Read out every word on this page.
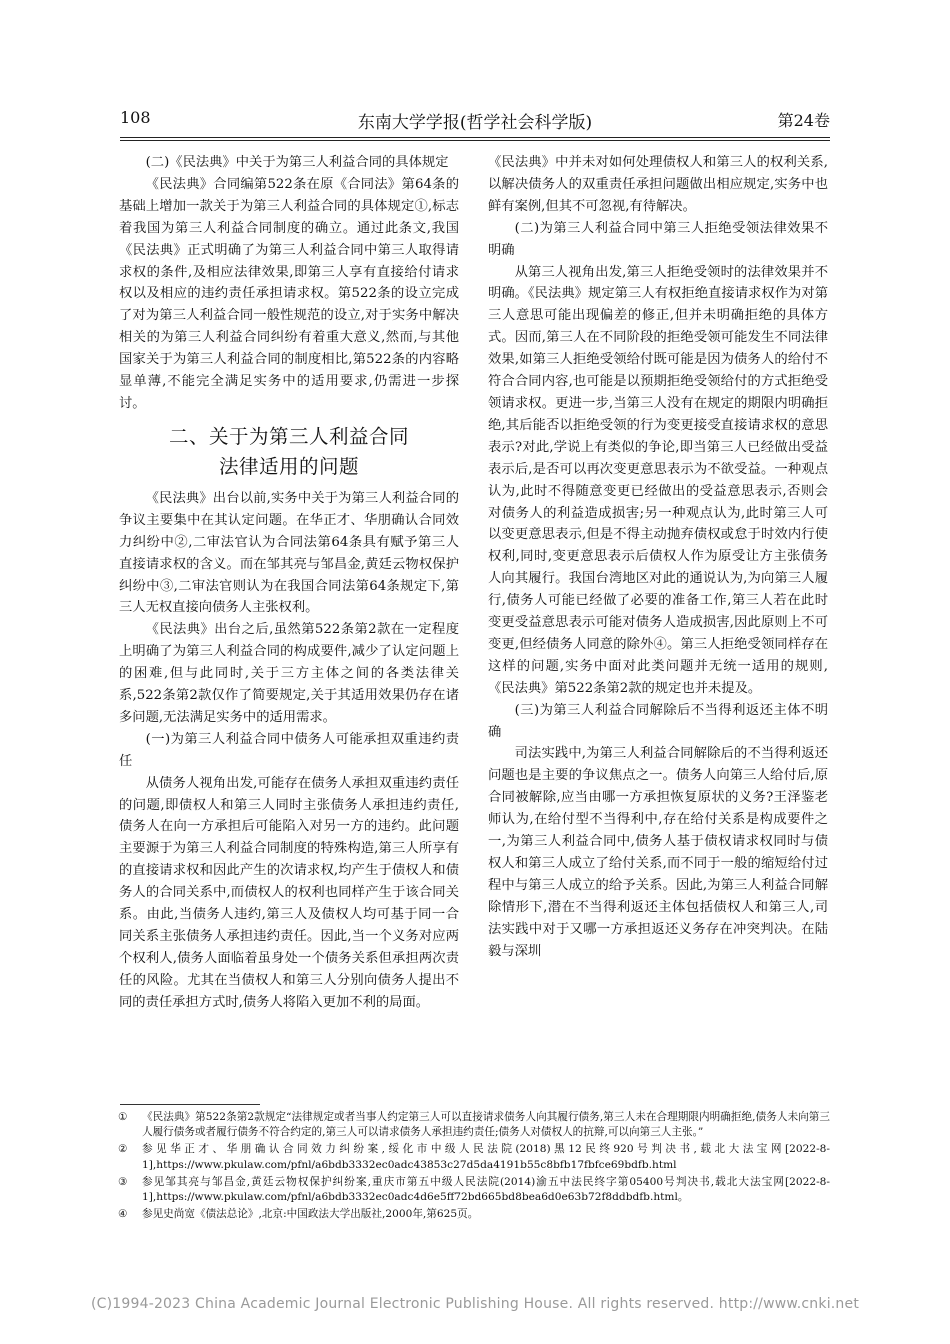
108	东南大学学报(哲学社会科学版)	第24卷

(二)《民法典》中关于为第三人利益合同的具体规定

《民法典》合同编第522条在原《合同法》第64条的基础上增加一款关于为第三人利益合同的具体规定①,标志着我国为第三人利益合同制度的确立。通过此条文,我国《民法典》正式明确了为第三人利益合同中第三人取得请求权的条件,及相应法律效果,即第三人享有直接给付请求权以及相应的违约责任承担请求权。第522条的设立完成了对为第三人利益合同一般性规范的设立,对于实务中解决相关的为第三人利益合同纠纷有着重大意义,然而,与其他国家关于为第三人利益合同的制度相比,第522条的内容略显单薄,不能完全满足实务中的适用要求,仍需进一步探讨。

二、关于为第三人利益合同
法律适用的问题

《民法典》出台以前,实务中关于为第三人利益合同的争议主要集中在其认定问题。在华正才、华朋确认合同效力纠纷中②,二审法官认为合同法第64条具有赋予第三人直接请求权的含义。而在邹其亮与邹昌金,黄廷云物权保护纠纷中③,二审法官则认为在我国合同法第64条规定下,第三人无权直接向债务人主张权利。

《民法典》出台之后,虽然第522条第2款在一定程度上明确了为第三人利益合同的构成要件,减少了认定问题上的困难,但与此同时,关于三方主体之间的各类法律关系,522条第2款仅作了简要规定,关于其适用效果仍存在诸多问题,无法满足实务中的适用需求。

(一)为第三人利益合同中债务人可能承担双重违约责任

从债务人视角出发,可能存在债务人承担双重违约责任的问题,即债权人和第三人同时主张债务人承担违约责任,债务人在向一方承担后可能陷入对另一方的违约。此问题主要源于为第三人利益合同制度的特殊构造,第三人所享有的直接请求权和因此产生的次请求权,均产生于债权人和债务人的合同关系中,而债权人的权利也同样产生于该合同关系。由此,当债务人违约,第三人及债权人均可基于同一合同关系主张债务人承担违约责任。因此,当一个义务对应两个权利人,债务人面临着虽身处一个债务关系但承担两次责任的风险。尤其在当债权人和第三人分别向债务人提出不同的责任承担方式时,债务人将陷入更加不利的局面。

《民法典》中并未对如何处理债权人和第三人的权利关系,以解决债务人的双重责任承担问题做出相应规定,实务中也鲜有案例,但其不可忽视,有待解决。

(二)为第三人利益合同中第三人拒绝受领法律效果不明确

从第三人视角出发,第三人拒绝受领时的法律效果并不明确。《民法典》规定第三人有权拒绝直接请求权作为对第三人意思可能出现偏差的修正,但并未明确拒绝的具体方式。因而,第三人在不同阶段的拒绝受领可能发生不同法律效果,如第三人拒绝受领给付既可能是因为债务人的给付不符合合同内容,也可能是以预期拒绝受领给付的方式拒绝受领请求权。更进一步,当第三人没有在规定的期限内明确拒绝,其后能否以拒绝受领的行为变更接受直接请求权的意思表示?对此,学说上有类似的争论,即当第三人已经做出受益表示后,是否可以再次变更意思表示为不欲受益。一种观点认为,此时不得随意变更已经做出的受益意思表示,否则会对债务人的利益造成损害;另一种观点认为,此时第三人可以变更意思表示,但是不得主动抛弃债权或怠于时效内行使权利,同时,变更意思表示后债权人作为原受让方主张债务人向其履行。我国台湾地区对此的通说认为,为向第三人履行,债务人可能已经做了必要的准备工作,第三人若在此时变更受益意思表示可能对债务人造成损害,因此原则上不可变更,但经债务人同意的除外④。第三人拒绝受领同样存在这样的问题,实务中面对此类问题并无统一适用的规则,《民法典》第522条第2款的规定也并未提及。

(三)为第三人利益合同解除后不当得利返还主体不明确

司法实践中,为第三人利益合同解除后的不当得利返还问题也是主要的争议焦点之一。债务人向第三人给付后,原合同被解除,应当由哪一方承担恢复原状的义务?王泽鉴老师认为,在给付型不当得利中,存在给付关系是构成要件之一,为第三人利益合同中,债务人基于债权请求权同时与债权人和第三人成立了给付关系,而不同于一般的缩短给付过程中与第三人成立的给予关系。因此,为第三人利益合同解除情形下,潜在不当得利返还主体包括债权人和第三人,司法实践中对于又哪一方承担返还义务存在冲突判决。在陆毅与深圳

① 《民法典》第522条第2款规定“法律规定或者当事人约定第三人可以直接请求债务人向其履行债务,第三人未在合理期限内明确拒绝,债务人未向第三人履行债务或者履行债务不符合约定的,第三人可以请求债务人承担违约责任;债务人对债权人的抗辩,可以向第三人主张。”
② 参见华正才、华朋确认合同效力纠纷案,绥化市中级人民法院(2018)黑12民终920号判决书,载北大法宝网[2022-8-1],https://www.pkulaw.com/pfnl/a6bdb3332ec0adc43853c27d5da4191b55c8bfb17fbfce69bdfb.html
③ 参见邹其亮与邹昌金,黄廷云物权保护纠纷案,重庆市第五中级人民法院(2014)渝五中法民终字第05400号判决书,载北大法宝网[2022-8-1],https://www.pkulaw.com/pfnl/a6bdb3332ec0adc4d6e5ff72bd665bd8bea6d0e63b72f8ddbdfb.html。
④ 参见史尚宽《债法总论》,北京:中国政法大学出版社,2000年,第625页。
(C)1994-2023 China Academic Journal Electronic Publishing House. All rights reserved. http://www.cnki.net
